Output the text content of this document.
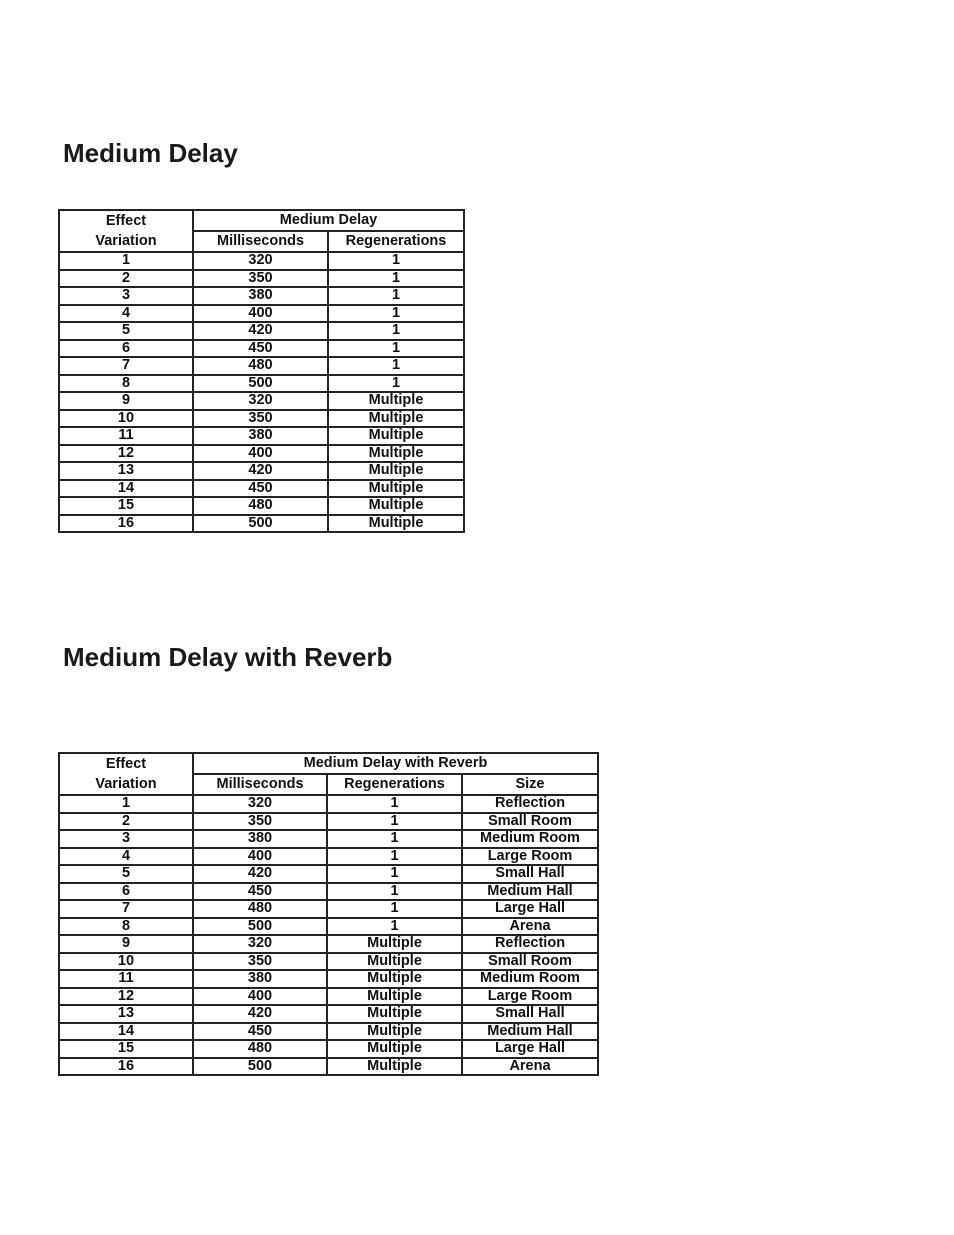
Medium Delay
Effect
Variation	Medium Delay	
	Milliseconds	Regenerations
1	320	1
2	350	1
3	380	1
4	400	1
5	420	1
6	450	1
7	480	1
8	500	1
9	320	Multiple
10	350	Multiple
11	380	Multiple
12	400	Multiple
13	420	Multiple
14	450	Multiple
15	480	Multiple
16	500	Multiple
Medium Delay with Reverb
Effect
Variation	Medium Delay with Reverb		
	Milliseconds	Regenerations	Size
1	320	1	Reflection
2	350	1	Small Room
3	380	1	Medium Room
4	400	1	Large Room
5	420	1	Small Hall
6	450	1	Medium Hall
7	480	1	Large Hall
8	500	1	Arena
9	320	Multiple	Reflection
10	350	Multiple	Small Room
11	380	Multiple	Medium Room
12	400	Multiple	Large Room
13	420	Multiple	Small Hall
14	450	Multiple	Medium Hall
15	480	Multiple	Large Hall
16	500	Multiple	Arena
